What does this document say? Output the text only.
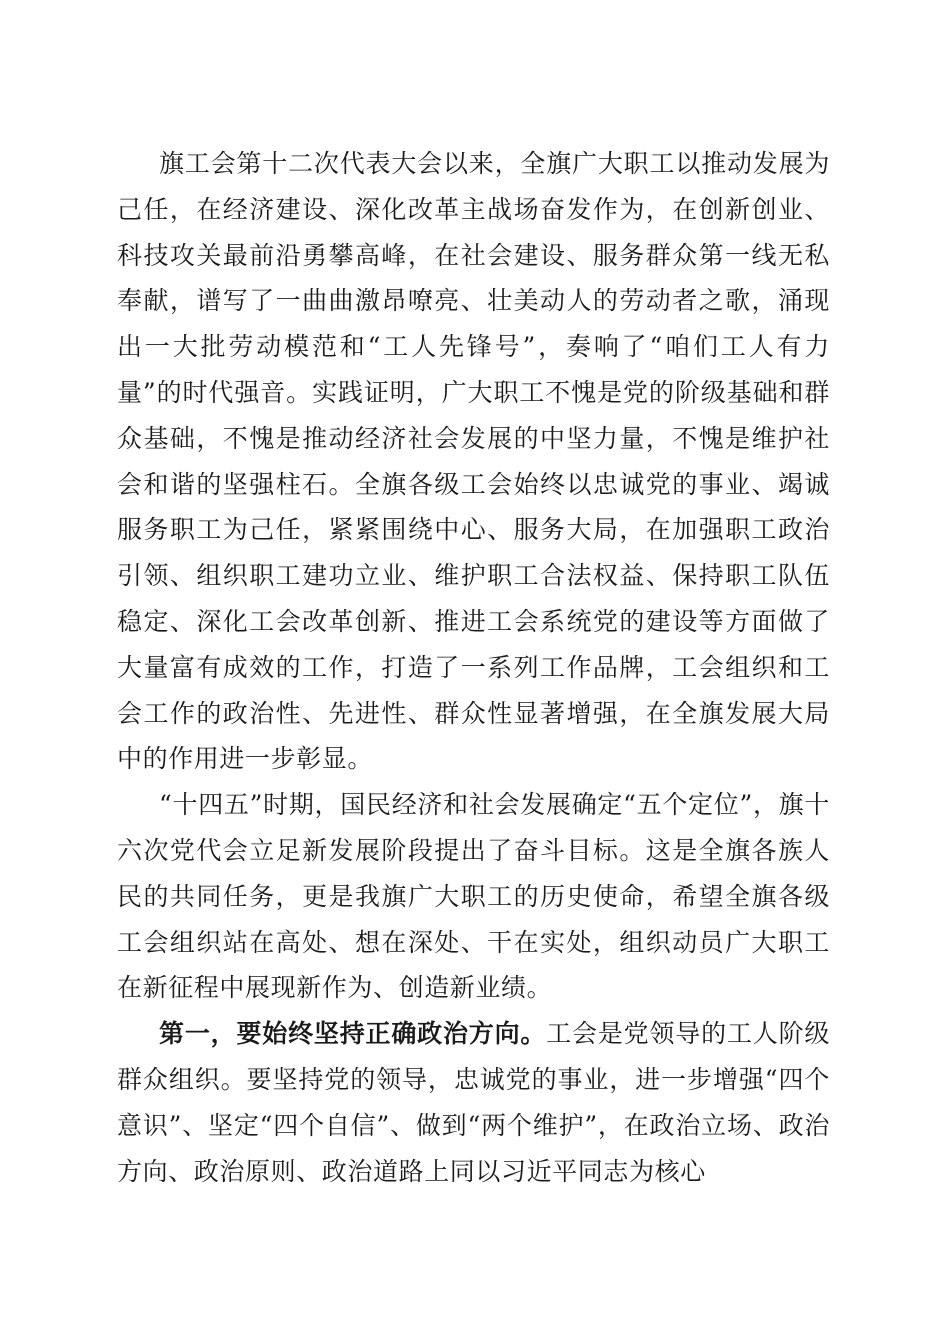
旗工会第十二次代表大会以来，全旗广大职工以推动发展为己任，在经济建设、深化改革主战场奋发作为，在创新创业、科技攻关最前沿勇攀高峰，在社会建设、服务群众第一线无私奉献，谱写了一曲曲激昂嘹亮、壮美动人的劳动者之歌，涌现出一大批劳动模范和“工人先锋号”，奏响了“咱们工人有力量”的时代强音。实践证明，广大职工不愧是党的阶级基础和群众基础，不愧是推动经济社会发展的中坚力量，不愧是维护社会和谐的坚强柱石。全旗各级工会始终以忠诚党的事业、竭诚服务职工为己任，紧紧围绕中心、服务大局，在加强职工政治引领、组织职工建功立业、维护职工合法权益、保持职工队伍稳定、深化工会改革创新、推进工会系统党的建设等方面做了大量富有成效的工作，打造了一系列工作品牌，工会组织和工会工作的政治性、先进性、群众性显著增强，在全旗发展大局中的作用进一步彰显。

“十四五”时期，国民经济和社会发展确定“五个定位”，旗十六次党代会立足新发展阶段提出了奋斗目标。这是全旗各族人民的共同任务，更是我旗广大职工的历史使命，希望全旗各级工会组织站在高处、想在深处、干在实处，组织动员广大职工在新征程中展现新作为、创造新业绩。

第一，要始终坚持正确政治方向。工会是党领导的工人阶级群众组织。要坚持党的领导，忠诚党的事业，进一步增强“四个意识”、坚定“四个自信”、做到“两个维护”，在政治立场、政治方向、政治原则、政治道路上同以习近平同志为核心
